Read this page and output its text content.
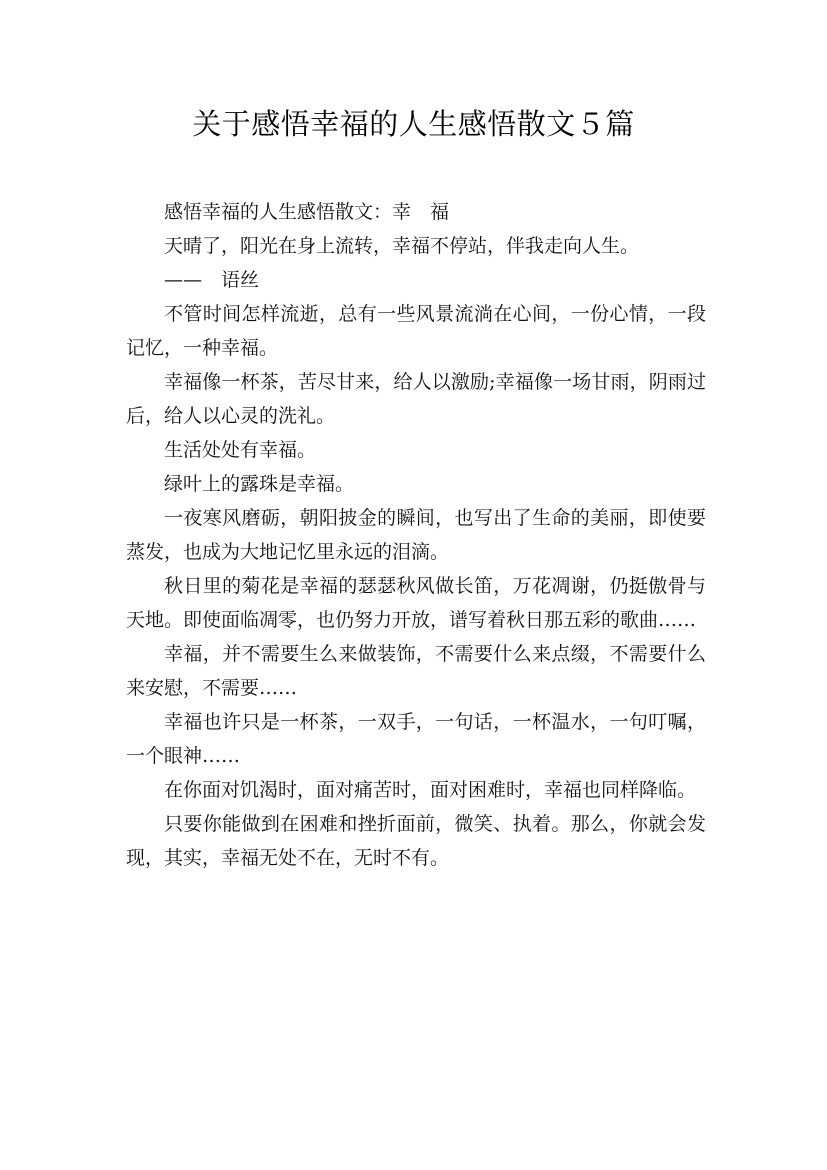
关于感悟幸福的人生感悟散文５篇

感悟幸福的人生感悟散文：幸　福

天晴了，阳光在身上流转，幸福不停站，伴我走向人生。

——　语丝

不管时间怎样流逝，总有一些风景流淌在心间，一份心情，一段记忆，一种幸福。

幸福像一杯茶，苦尽甘来，给人以激励;幸福像一场甘雨，阴雨过后，给人以心灵的洗礼。

生活处处有幸福。

绿叶上的露珠是幸福。

一夜寒风磨砺，朝阳披金的瞬间，也写出了生命的美丽，即使要蒸发，也成为大地记忆里永远的泪滴。

秋日里的菊花是幸福的瑟瑟秋风做长笛，万花凋谢，仍挺傲骨与天地。即使面临凋零，也仍努力开放，谱写着秋日那五彩的歌曲……

幸福，并不需要生么来做装饰，不需要什么来点缀，不需要什么来安慰，不需要……

幸福也许只是一杯茶，一双手，一句话，一杯温水，一句叮嘱，一个眼神……

在你面对饥渴时，面对痛苦时，面对困难时，幸福也同样降临。

只要你能做到在困难和挫折面前，微笑、执着。那么，你就会发现，其实，幸福无处不在，无时不有。
